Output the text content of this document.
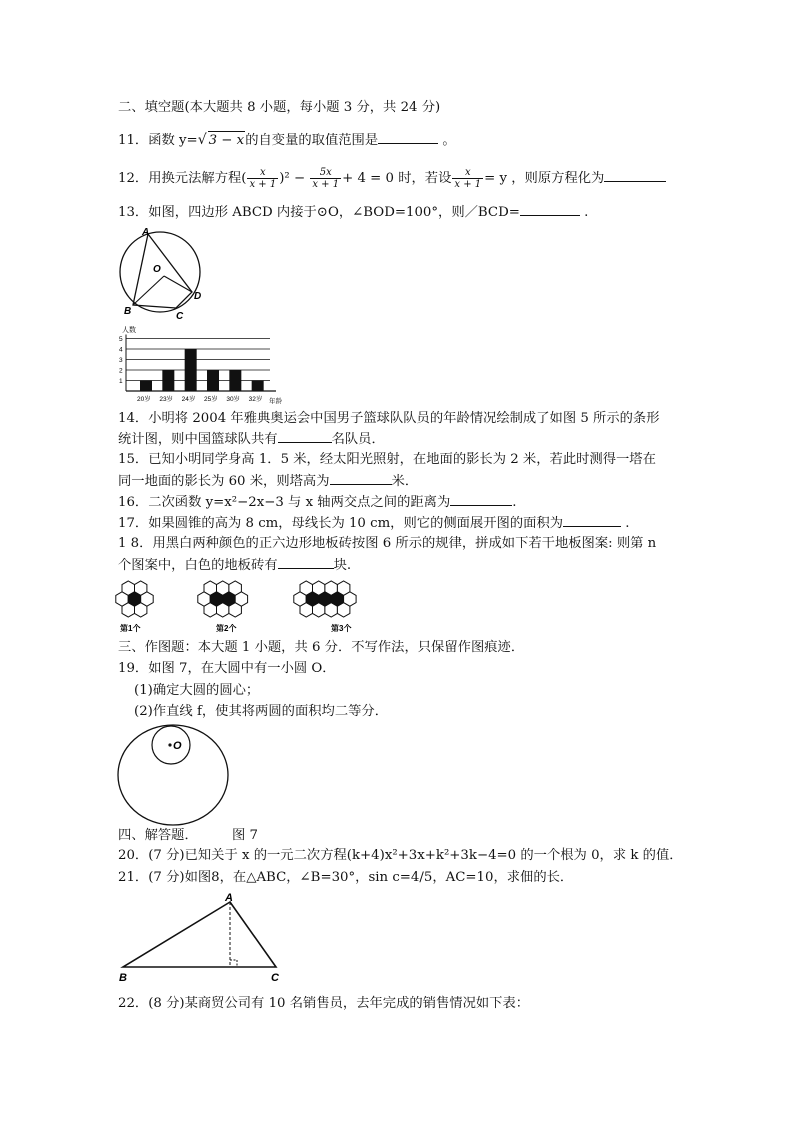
二、填空题(本大题共 8 小题，每小题 3 分，共 24 分)
11．函数 y=√ 3 − x的自变量的取值范围是	。
12．用换元法解方程( $\frac{x}{x + 1} )^2 - \frac{5x}{x + 1} + 4 = 0$ 时，若设 $\frac{x}{x + 1} = y$ ，则原方程化为
13．如图，四边形 ABCD 内接于⊙O，∠BOD=100°，则／BCD=	.
A
O
B	C
D
人数
1
2
3
4
5
20岁 23岁 24岁 25岁 30岁 32岁 年龄
14．小明将 2004 年雅典奥运会中国男子篮球队队员的年龄情况绘制成了如图 5 所示的条形
统计图，则中国篮球队共有	名队员．
15．已知小明同学身高 1．5 米，经太阳光照射，在地面的影长为 2 米，若此时测得一塔在
同一地面的影长为 60 米，则塔高为	米．
16．二次函数 y=x²−2x−3 与 x 轴两交点之间的距离为	.
17．如果圆锥的高为 8 cm，母线长为 10 cm，则它的侧面展开图的面积为	.
1 8．用黑白两种颜色的正六边形地板砖按图 6 所示的规律，拼成如下若干地板图案: 则第 n
个图案中，白色的地板砖有	块.
第1个	第2个	第3个
三、作图题：本大题 1 小题，共 6 分．不写作法，只保留作图痕迹．
19．如图 7，在大圆中有一小圆 O．
(1)确定大圆的圆心；
(2)作直线 f，使其将两圆的面积均二等分．
O
四、解答题．	图 7
20．(7 分)已知关于 x 的一元二次方程(k+4)x²+3x+k²+3k−4=0 的一个根为 0，求 k 的值．
21．(7 分)如图8，在△ABC，∠B=30°，sin c=4/5，AC=10，求佃的长．
A
B	C
22．(8 分)某商贸公司有 10 名销售员，去年完成的销售情况如下表：
